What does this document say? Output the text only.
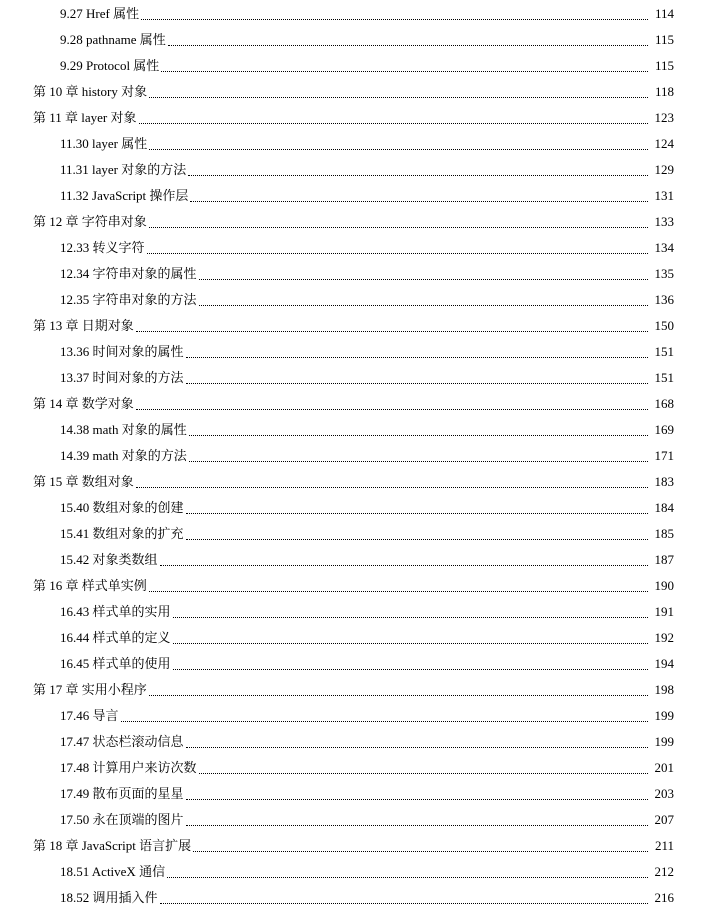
9.27 Href 属性	114
9.28 pathname 属性	115
9.29 Protocol 属性	115
第 10 章 history 对象	118
第 11 章 layer 对象	123
11.30 layer 属性	124
11.31 layer 对象的方法	129
11.32 JavaScript 操作层	131
第 12 章 字符串对象	133
12.33 转义字符	134
12.34 字符串对象的属性	135
12.35 字符串对象的方法	136
第 13 章 日期对象	150
13.36 时间对象的属性	151
13.37 时间对象的方法	151
第 14 章 数学对象	168
14.38 math 对象的属性	169
14.39 math 对象的方法	171
第 15 章 数组对象	183
15.40 数组对象的创建	184
15.41 数组对象的扩充	185
15.42 对象类数组	187
第 16 章 样式单实例	190
16.43 样式单的实用	191
16.44 样式单的定义	192
16.45 样式单的使用	194
第 17 章 实用小程序	198
17.46 导言	199
17.47 状态栏滚动信息	199
17.48 计算用户来访次数	201
17.49 散布页面的星星	203
17.50 永在顶端的图片	207
第 18 章 JavaScript 语言扩展	211
18.51 ActiveX 通信	212
18.52 调用插入件	216
